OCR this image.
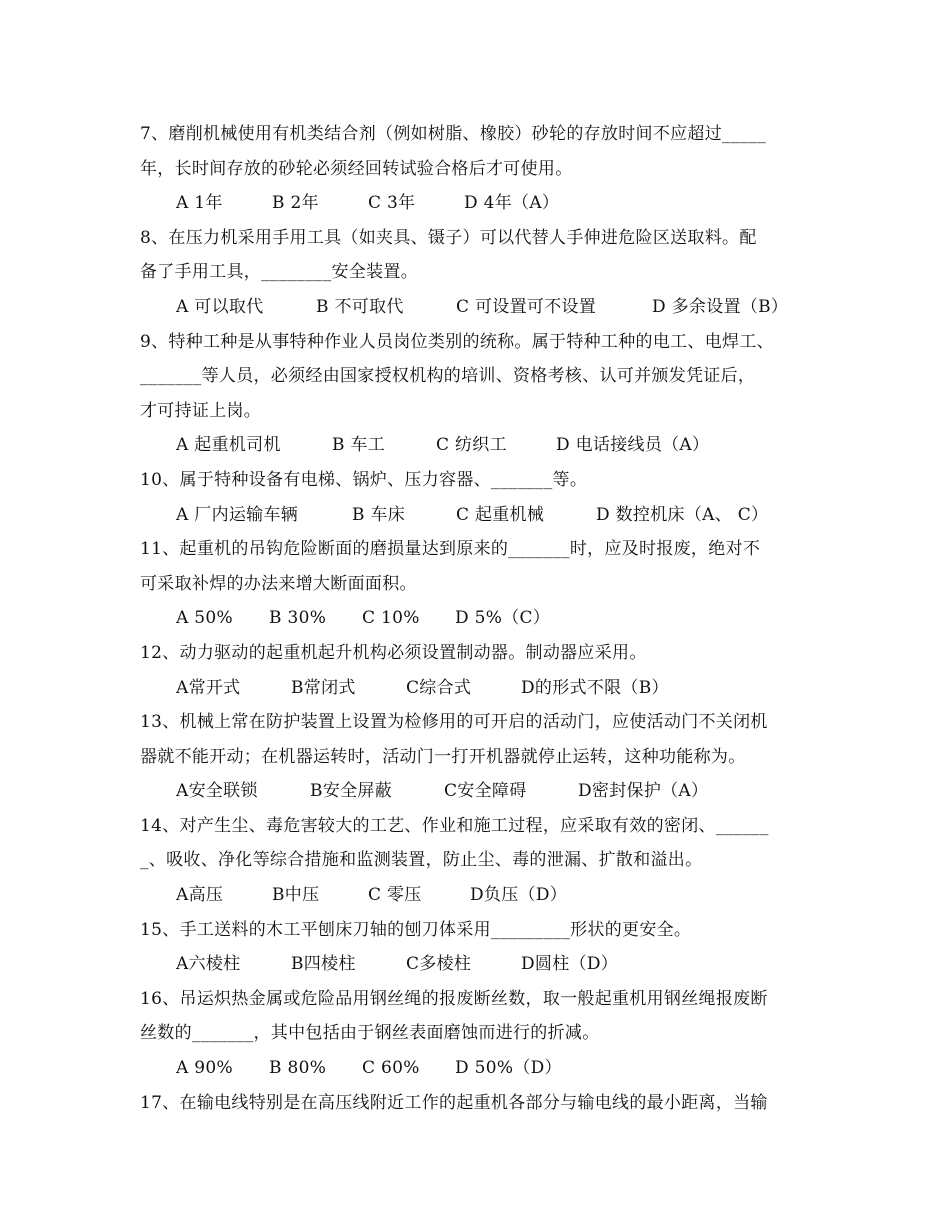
7、磨削机械使用有机类结合剂（例如树脂、橡胶）砂轮的存放时间不应超过_____
年，长时间存放的砂轮必须经回转试验合格后才可使用。
A 1年	B 2年	C 3年	D 4年（A）
8、在压力机采用手用工具（如夹具、镊子）可以代替人手伸进危险区送取料。配
备了手用工具，________安全装置。
A 可以取代	B 不可取代	C 可设置可不设置	D 多余设置（B）
9、特种工种是从事特种作业人员岗位类别的统称。属于特种工种的电工、电焊工、
_______等人员，必须经由国家授权机构的培训、资格考核、认可并颁发凭证后，
才可持证上岗。
A 起重机司机	B 车工	C 纺织工	D 电话接线员（A）
10、属于特种设备有电梯、锅炉、压力容器、_______等。
A 厂内运输车辆	B 车床	C 起重机械	D 数控机床（A、 C）
11、起重机的吊钩危险断面的磨损量达到原来的_______时，应及时报废，绝对不
可采取补焊的办法来增大断面面积。
A 50% B 30% C 10% D 5%（C）
12、动力驱动的起重机起升机构必须设置制动器。制动器应采用。
A常开式	B常闭式	C综合式	D的形式不限（B）
13、机械上常在防护装置上设置为检修用的可开启的活动门，应使活动门不关闭机
器就不能开动；在机器运转时，活动门一打开机器就停止运转，这种功能称为。
A安全联锁	B安全屏蔽	C安全障碍	D密封保护（A）
14、对产生尘、毒危害较大的工艺、作业和施工过程，应采取有效的密闭、______
_、吸收、净化等综合措施和监测装置，防止尘、毒的泄漏、扩散和溢出。
A高压	B中压	C 零压	D负压（D）
15、手工送料的木工平刨床刀轴的刨刀体采用_________形状的更安全。
A六棱柱	B四棱柱	C多棱柱	D圆柱（D）
16、吊运炽热金属或危险品用钢丝绳的报废断丝数，取一般起重机用钢丝绳报废断
丝数的_______，其中包括由于钢丝表面磨蚀而进行的折减。
A 90% B 80% C 60% D 50%（D）
17、在输电线特别是在高压线附近工作的起重机各部分与输电线的最小距离，当输
